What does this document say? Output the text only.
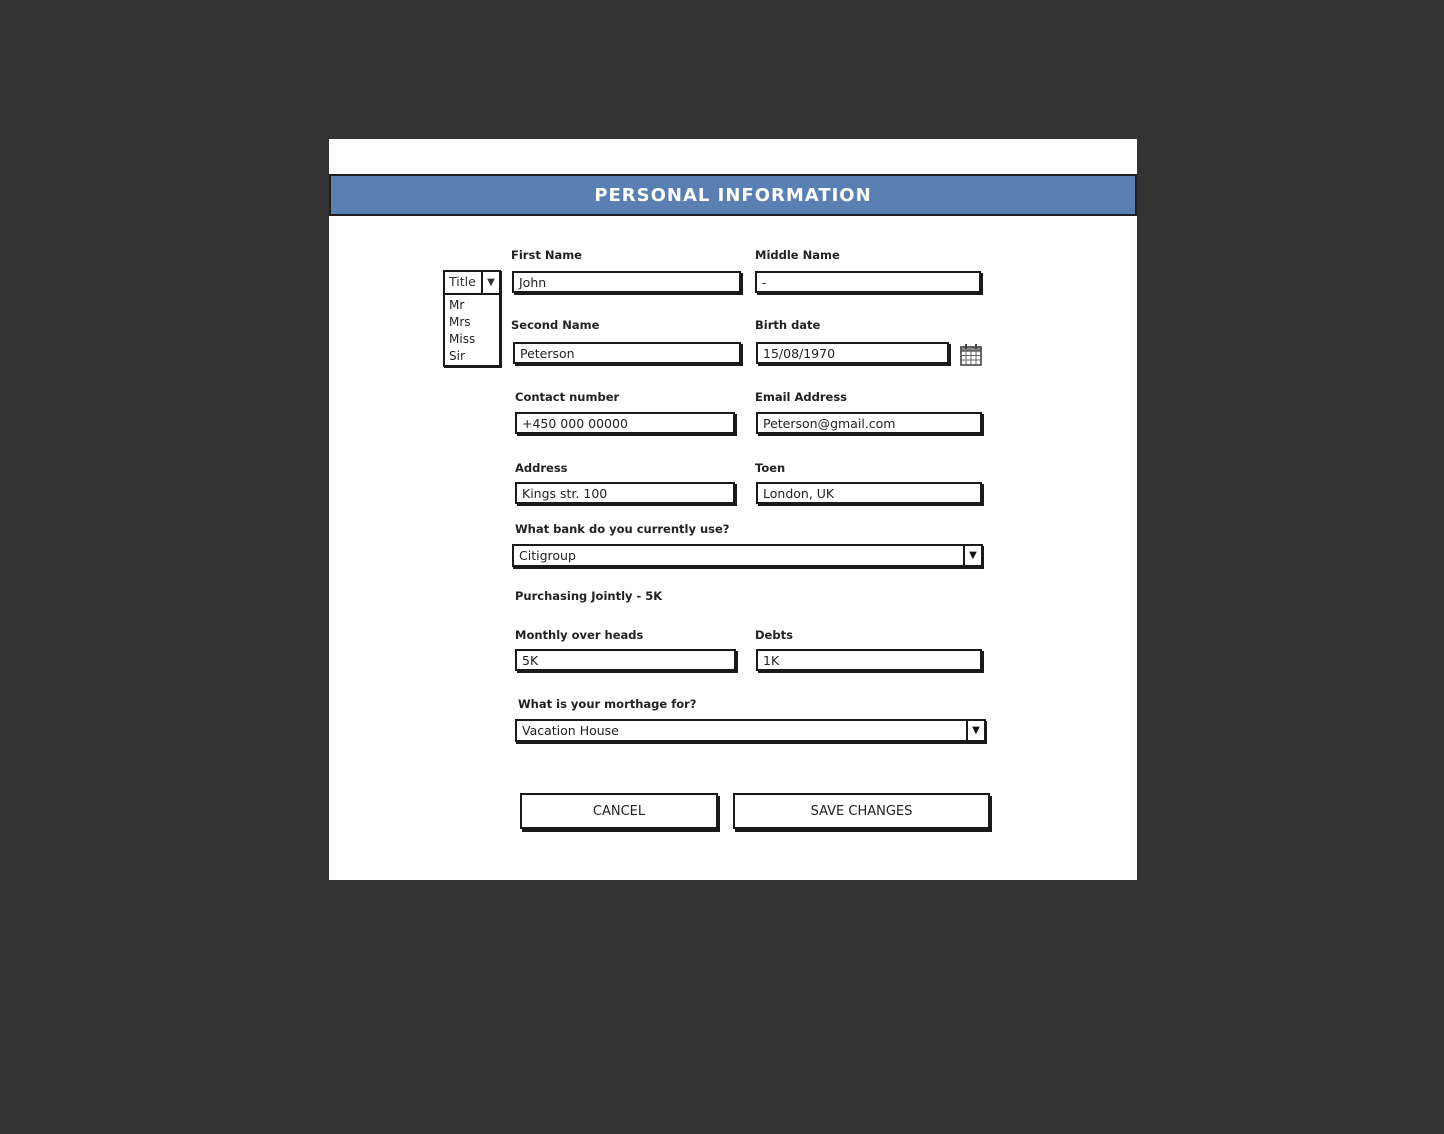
PERSONAL INFORMATION
Title	▼
Mr
Mrs
Miss
Sir
First Name
John
Middle Name
-
Second Name
Peterson
Birth date
15/08/1970
Contact number
+450 000 00000
Email Address
Peterson@gmail.com
Address
Kings str. 100
Toen
London, UK
What bank do you currently use?
Citigroup	▼
Purchasing Jointly - 5K
Monthly over heads
5K
Debts
1K
What is your morthage for?
Vacation House	▼
CANCEL	SAVE CHANGES
